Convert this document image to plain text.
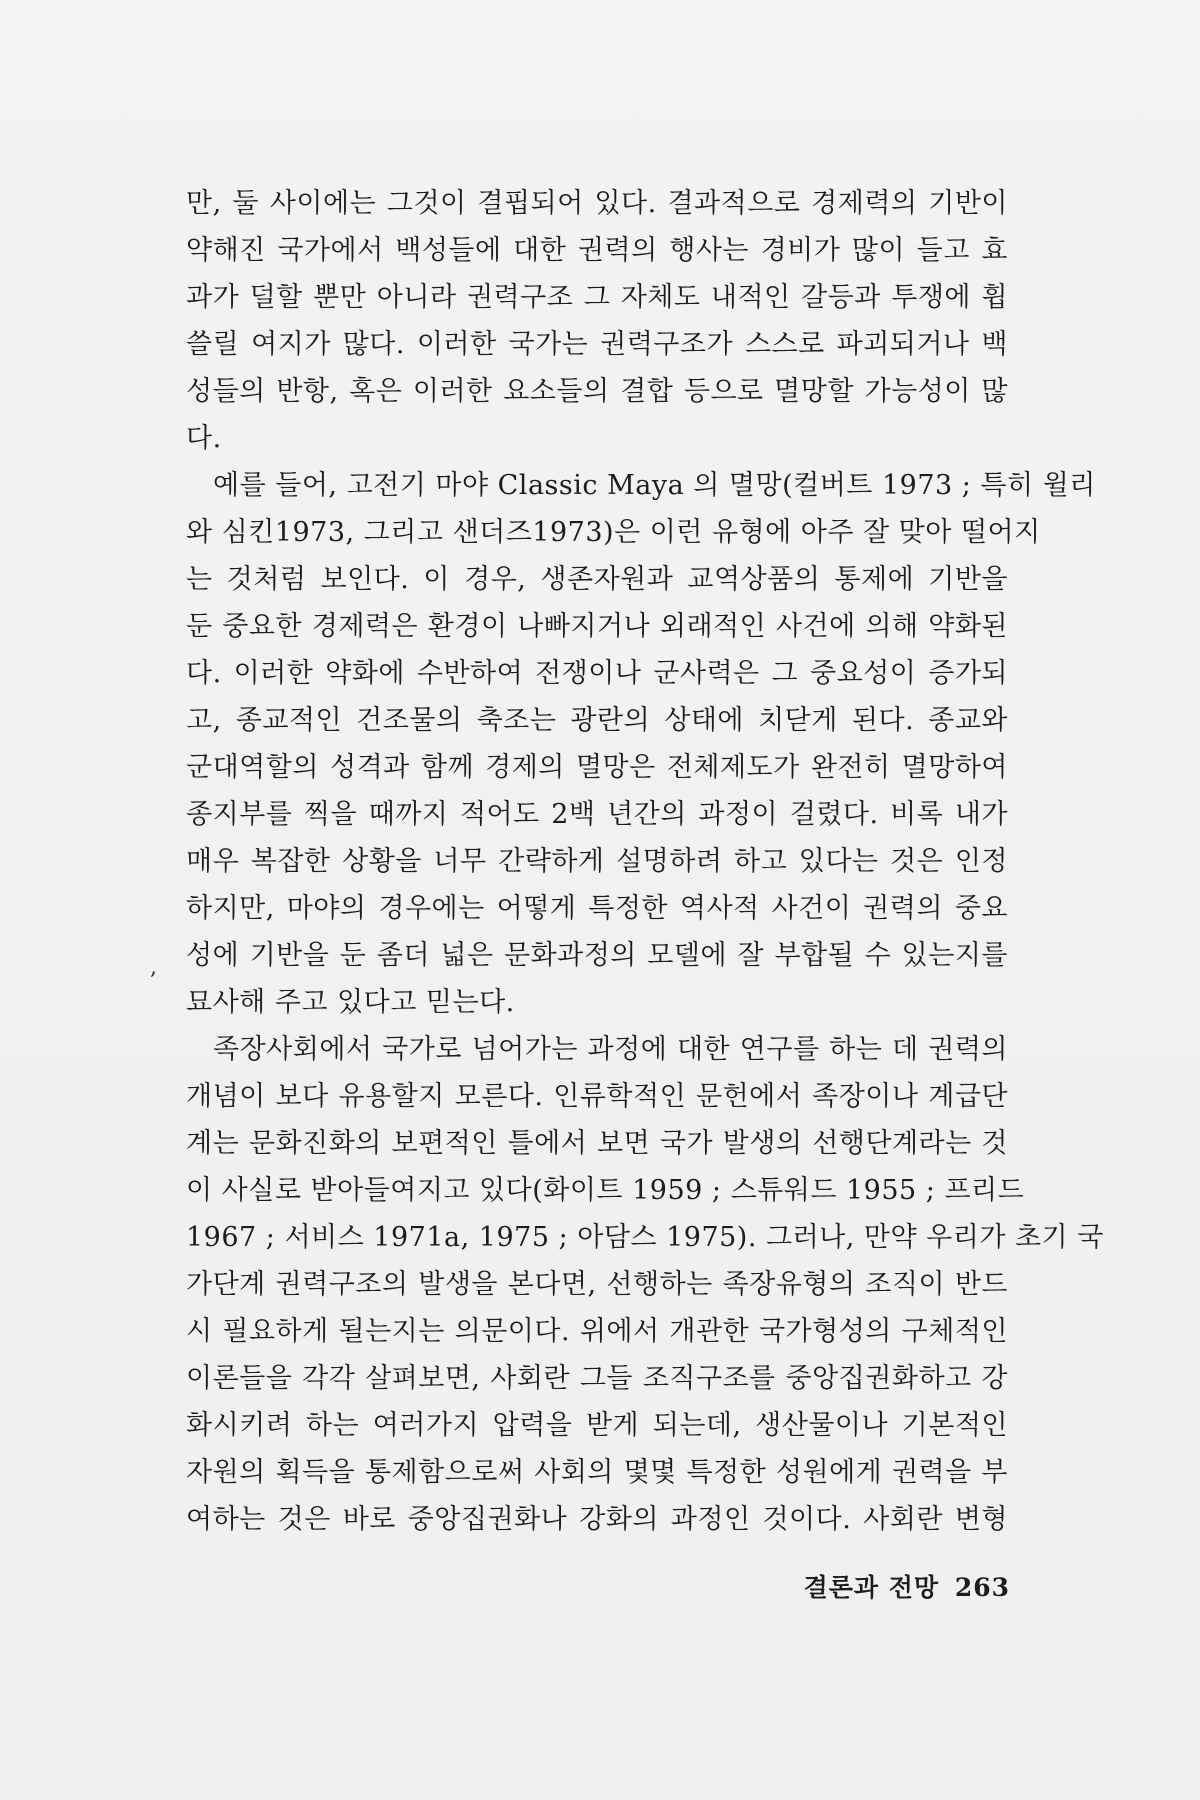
만, 둘 사이에는 그것이 결핍되어 있다. 결과적으로 경제력의 기반이
약해진 국가에서 백성들에 대한 권력의 행사는 경비가 많이 들고 효
과가 덜할 뿐만 아니라 권력구조 그 자체도 내적인 갈등과 투쟁에 휩
쓸릴 여지가 많다. 이러한 국가는 권력구조가 스스로 파괴되거나 백
성들의 반항, 혹은 이러한 요소들의 결합 등으로 멸망할 가능성이 많
다.
예를 들어, 고전기 마야 Classic Maya 의 멸망(컬버트 1973 ; 특히 윌리
와 심킨1973, 그리고 샌더즈1973)은 이런 유형에 아주 잘 맞아 떨어지
는 것처럼 보인다. 이 경우, 생존자원과 교역상품의 통제에 기반을
둔 중요한 경제력은 환경이 나빠지거나 외래적인 사건에 의해 약화된
다. 이러한 약화에 수반하여 전쟁이나 군사력은 그 중요성이 증가되
고, 종교적인 건조물의 축조는 광란의 상태에 치닫게 된다. 종교와
군대역할의 성격과 함께 경제의 멸망은 전체제도가 완전히 멸망하여
종지부를 찍을 때까지 적어도 2백 년간의 과정이 걸렸다. 비록 내가
매우 복잡한 상황을 너무 간략하게 설명하려 하고 있다는 것은 인정
하지만, 마야의 경우에는 어떻게 특정한 역사적 사건이 권력의 중요
성에 기반을 둔 좀더 넓은 문화과정의 모델에 잘 부합될 수 있는지를
묘사해 주고 있다고 믿는다.
족장사회에서 국가로 넘어가는 과정에 대한 연구를 하는 데 권력의
개념이 보다 유용할지 모른다. 인류학적인 문헌에서 족장이나 계급단
계는 문화진화의 보편적인 틀에서 보면 국가 발생의 선행단계라는 것
이 사실로 받아들여지고 있다(화이트 1959 ; 스튜워드 1955 ; 프리드
1967 ; 서비스 1971a, 1975 ; 아담스 1975). 그러나, 만약 우리가 초기 국
가단계 권력구조의 발생을 본다면, 선행하는 족장유형의 조직이 반드
시 필요하게 될는지는 의문이다. 위에서 개관한 국가형성의 구체적인
이론들을 각각 살펴보면, 사회란 그들 조직구조를 중앙집권화하고 강
화시키려 하는 여러가지 압력을 받게 되는데, 생산물이나 기본적인
자원의 획득을 통제함으로써 사회의 몇몇 특정한 성원에게 권력을 부
여하는 것은 바로 중앙집권화나 강화의 과정인 것이다. 사회란 변형
,
결론과 전망 263
